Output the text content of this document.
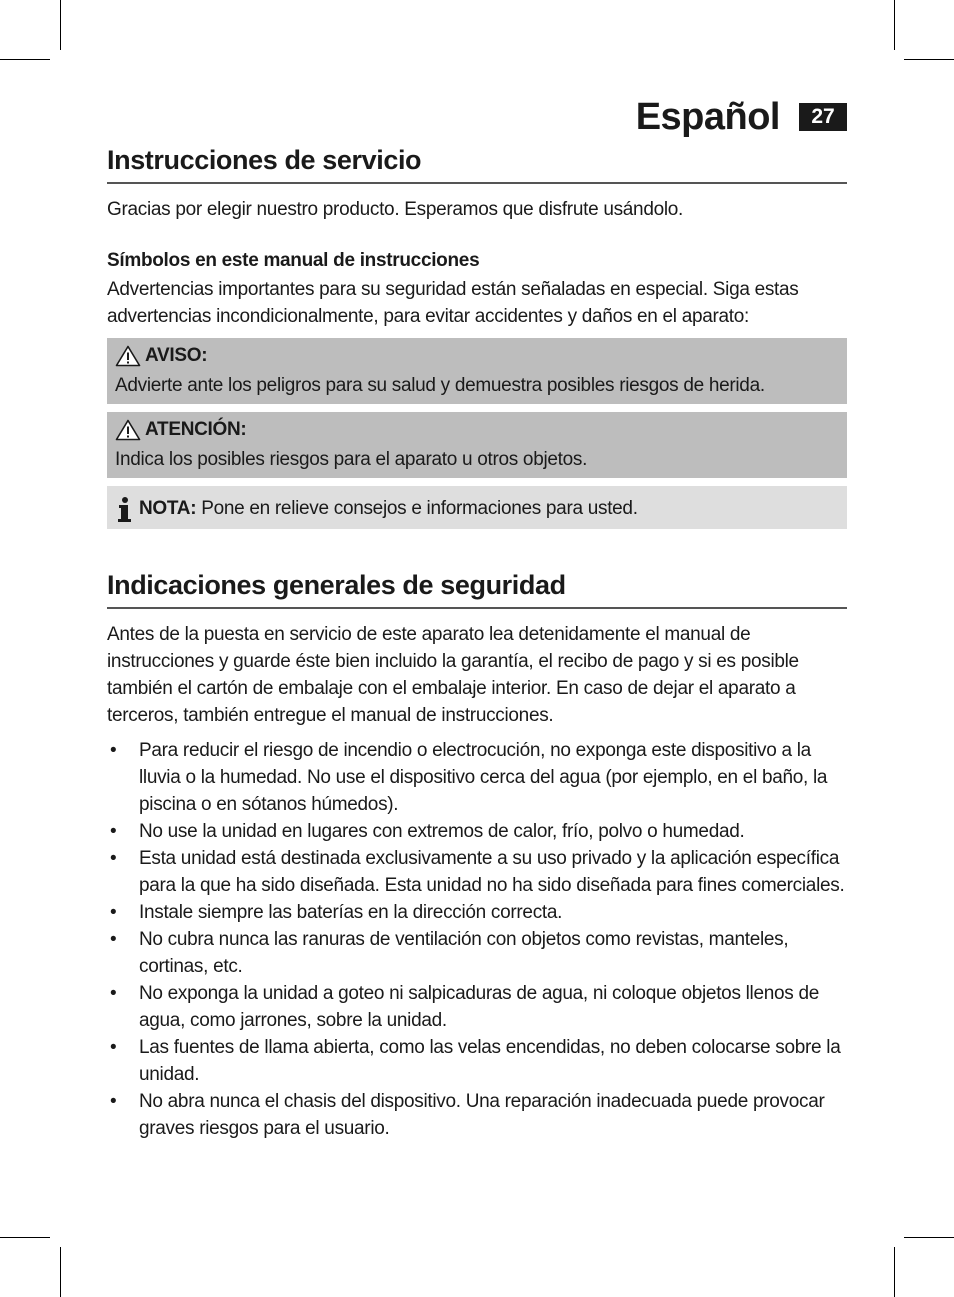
Español	27
Instrucciones de servicio

Gracias por elegir nuestro producto. Esperamos que disfrute usándolo.

Símbolos en este manual de instrucciones

Advertencias importantes para su seguridad están señaladas en especial. Siga estas advertencias incondicionalmente, para evitar accidentes y daños en el aparato:

AVISO:

Advierte ante los peligros para su salud y demuestra posibles riesgos de herida.

ATENCIÓN:

Indica los posibles riesgos para el aparato u otros objetos.

NOTA: Pone en relieve consejos e informaciones para usted.

Indicaciones generales de seguridad

Antes de la puesta en servicio de este aparato lea detenidamente el manual de instrucciones y guarde éste bien incluido la garantía, el recibo de pago y si es posible también el cartón de embalaje con el embalaje interior. En caso de dejar el aparato a terceros, también entregue el manual de instrucciones.

• Para reducir el riesgo de incendio o electrocución, no exponga este dispositivo a la lluvia o la humedad. No use el dispositivo cerca del agua (por ejemplo, en el baño, la piscina o en sótanos húmedos).
• No use la unidad en lugares con extremos de calor, frío, polvo o humedad.
• Esta unidad está destinada exclusivamente a su uso privado y la aplicación específica para la que ha sido diseñada. Esta unidad no ha sido diseñada para fines comerciales.
• Instale siempre las baterías en la dirección correcta.
• No cubra nunca las ranuras de ventilación con objetos como revistas, manteles, cortinas, etc.
• No exponga la unidad a goteo ni salpicaduras de agua, ni coloque objetos llenos de agua, como jarrones, sobre la unidad.
• Las fuentes de llama abierta, como las velas encendidas, no deben colocarse sobre la unidad.
• No abra nunca el chasis del dispositivo. Una reparación inadecuada puede provocar graves riesgos para el usuario.
